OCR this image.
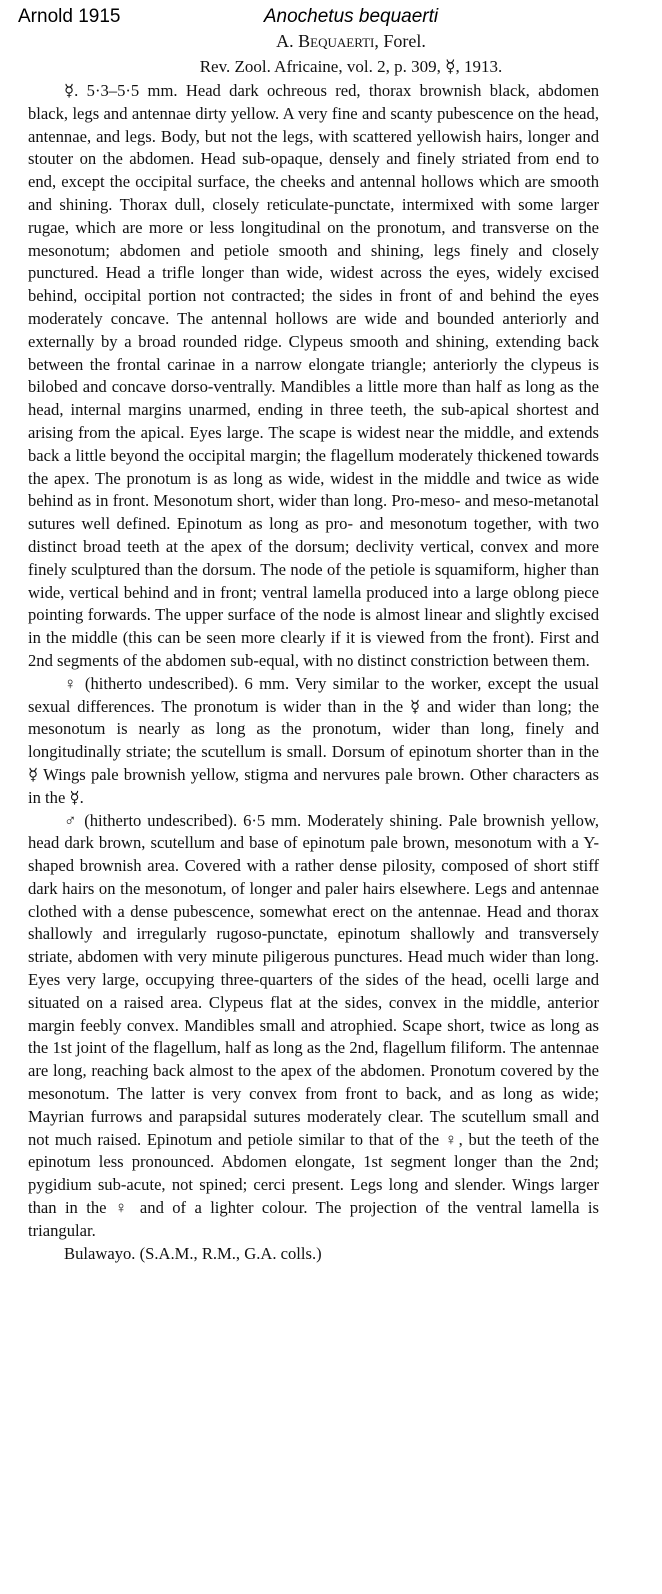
Arnold 1915	Anochetus bequaerti
A. Bequaerti, Forel.
Rev. Zool. Africaine, vol. 2, p. 309, ☿, 1913.

☿. 5·3–5·5 mm. Head dark ochreous red, thorax brownish black, abdomen black, legs and antennae dirty yellow. A very fine and scanty pubescence on the head, antennae, and legs. Body, but not the legs, with scattered yellowish hairs, longer and stouter on the abdomen. Head sub-opaque, densely and finely striated from end to end, except the occipital surface, the cheeks and antennal hollows which are smooth and shining. Thorax dull, closely reticulate-punctate, intermixed with some larger rugae, which are more or less longitudinal on the pronotum, and transverse on the mesonotum; abdomen and petiole smooth and shining, legs finely and closely punctured. Head a trifle longer than wide, widest across the eyes, widely excised behind, occipital portion not contracted; the sides in front of and behind the eyes moderately concave. The antennal hollows are wide and bounded anteriorly and externally by a broad rounded ridge. Clypeus smooth and shining, extending back between the frontal carinae in a narrow elongate triangle; anteriorly the clypeus is bilobed and concave dorso-ventrally. Mandibles a little more than half as long as the head, internal margins unarmed, ending in three teeth, the sub-apical shortest and arising from the apical. Eyes large. The scape is widest near the middle, and extends back a little beyond the occipital margin; the flagellum moderately thickened towards the apex. The pronotum is as long as wide, widest in the middle and twice as wide behind as in front. Mesonotum short, wider than long. Pro-meso- and meso-metanotal sutures well defined. Epinotum as long as pro- and mesonotum together, with two distinct broad teeth at the apex of the dorsum; declivity vertical, convex and more finely sculptured than the dorsum. The node of the petiole is squamiform, higher than wide, vertical behind and in front; ventral lamella produced into a large oblong piece pointing forwards. The upper surface of the node is almost linear and slightly excised in the middle (this can be seen more clearly if it is viewed from the front). First and 2nd segments of the abdomen sub-equal, with no distinct constriction between them.

♀ (hitherto undescribed). 6 mm. Very similar to the worker, except the usual sexual differences. The pronotum is wider than in the ☿ and wider than long; the mesonotum is nearly as long as the pronotum, wider than long, finely and longitudinally striate; the scutellum is small. Dorsum of epinotum shorter than in the ☿ Wings pale brownish yellow, stigma and nervures pale brown. Other characters as in the ☿.

♂ (hitherto undescribed). 6·5 mm. Moderately shining. Pale brownish yellow, head dark brown, scutellum and base of epinotum pale brown, mesonotum with a Y-shaped brownish area. Covered with a rather dense pilosity, composed of short stiff dark hairs on the mesonotum, of longer and paler hairs elsewhere. Legs and antennae clothed with a dense pubescence, somewhat erect on the antennae. Head and thorax shallowly and irregularly rugoso-punctate, epinotum shallowly and transversely striate, abdomen with very minute piligerous punctures. Head much wider than long. Eyes very large, occupying three-quarters of the sides of the head, ocelli large and situated on a raised area. Clypeus flat at the sides, convex in the middle, anterior margin feebly convex. Mandibles small and atrophied. Scape short, twice as long as the 1st joint of the flagellum, half as long as the 2nd, flagellum filiform. The antennae are long, reaching back almost to the apex of the abdomen. Pronotum covered by the mesonotum. The latter is very convex from front to back, and as long as wide; Mayrian furrows and parapsidal sutures moderately clear. The scutellum small and not much raised. Epinotum and petiole similar to that of the ♀, but the teeth of the epinotum less pronounced. Abdomen elongate, 1st segment longer than the 2nd; pygidium sub-acute, not spined; cerci present. Legs long and slender. Wings larger than in the ♀ and of a lighter colour. The projection of the ventral lamella is triangular.

Bulawayo. (S.A.M., R.M., G.A. colls.)
